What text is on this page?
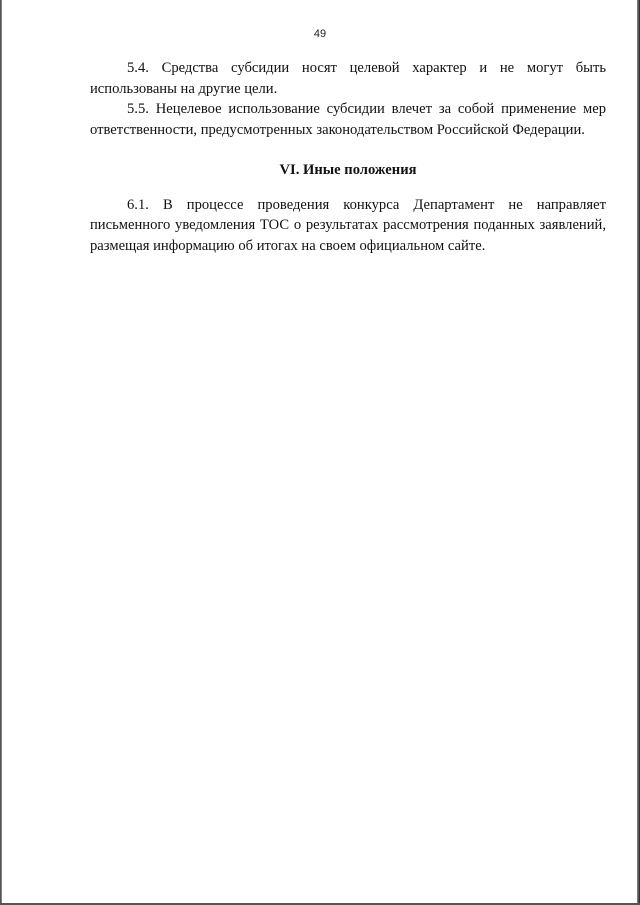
49

5.4. Средства субсидии носят целевой характер и не могут быть использованы на другие цели.

5.5. Нецелевое использование субсидии влечет за собой применение мер ответственности, предусмотренных законодательством Российской Федерации.

VI. Иные положения

6.1. В процессе проведения конкурса Департамент не направляет письменного уведомления ТОС о результатах рассмотрения поданных заявлений, размещая информацию об итогах на своем официальном сайте.
